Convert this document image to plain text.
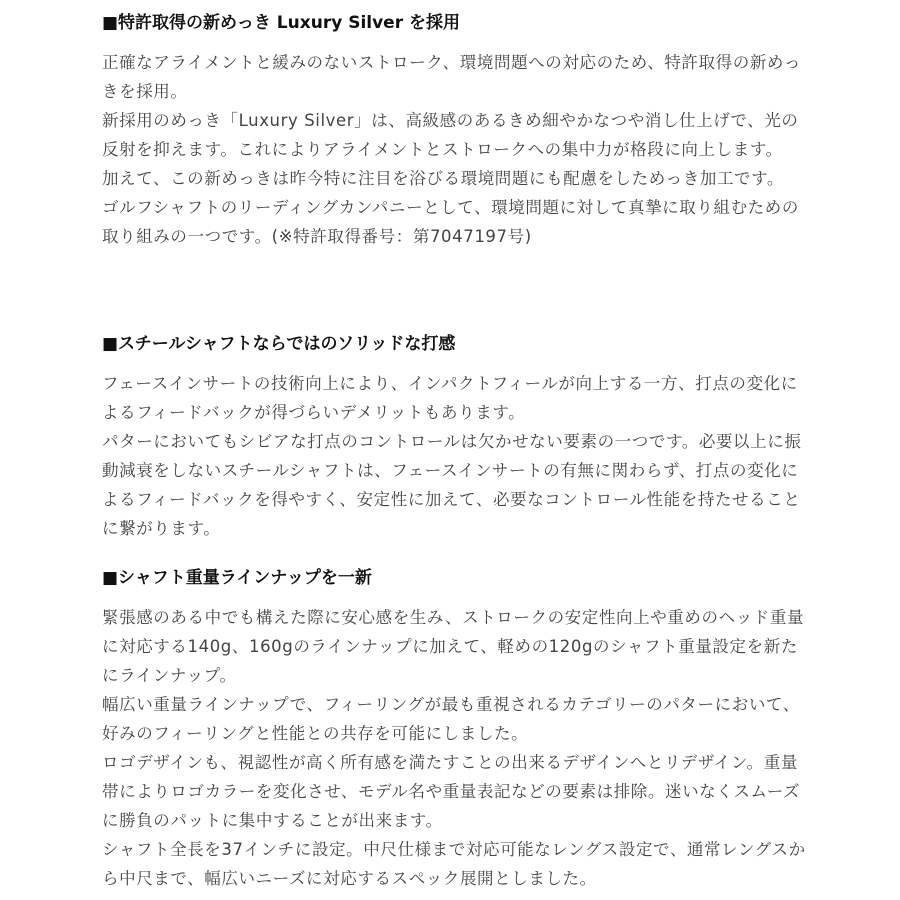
■特許取得の新めっき Luxury Silver を採用

正確なアライメントと緩みのないストローク、環境問題への対応のため、特許取得の新めっきを採用。

新採用のめっき「Luxury Silver」は、高級感のあるきめ細やかなつや消し仕上げで、光の反射を抑えます。これによりアライメントとストロークへの集中力が格段に向上します。

加えて、この新めっきは昨今特に注目を浴びる環境問題にも配慮をしためっき加工です。

ゴルフシャフトのリーディングカンパニーとして、環境問題に対して真摯に取り組むための取り組みの一つです。(※特許取得番号：第7047197号)

■スチールシャフトならではのソリッドな打感

フェースインサートの技術向上により、インパクトフィールが向上する一方、打点の変化によるフィードバックが得づらいデメリットもあります。

パターにおいてもシビアな打点のコントロールは欠かせない要素の一つです。必要以上に振動減衰をしないスチールシャフトは、フェースインサートの有無に関わらず、打点の変化によるフィードバックを得やすく、安定性に加えて、必要なコントロール性能を持たせることに繋がります。

■シャフト重量ラインナップを一新

緊張感のある中でも構えた際に安心感を生み、ストロークの安定性向上や重めのヘッド重量に対応する140g、160gのラインナップに加えて、軽めの120gのシャフト重量設定を新たにラインナップ。

幅広い重量ラインナップで、フィーリングが最も重視されるカテゴリーのパターにおいて、好みのフィーリングと性能との共存を可能にしました。

ロゴデザインも、視認性が高く所有感を満たすことの出来るデザインへとリデザイン。重量帯によりロゴカラーを変化させ、モデル名や重量表記などの要素は排除。迷いなくスムーズに勝負のパットに集中することが出来ます。

シャフト全長を37インチに設定。中尺仕様まで対応可能なレングス設定で、通常レングスから中尺まで、幅広いニーズに対応するスペック展開としました。
